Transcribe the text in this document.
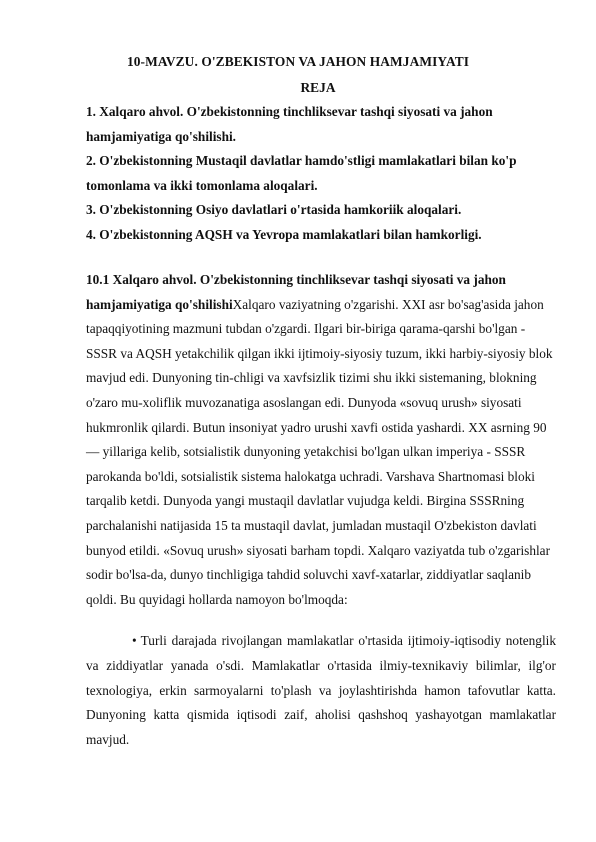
10-MAVZU. O'ZBEKISTON VA JAHON HAMJAMIYATI
REJA

1. Xalqaro ahvol. O'zbekistonning tinchliksevar tashqi siyosati va jahon hamjamiyatiga qo'shilishi.

2. O'zbekistonning Mustaqil davlatlar hamdo'stligi mamlakatlari bilan ko'p tomonlama va ikki tomonlama aloqalari.

3. O'zbekistonning Osiyo davlatlari o'rtasida hamkoriik aloqalari.

4. O'zbekistonning AQSH va Yevropa mamlakatlari bilan hamkorligi.

10.1 Xalqaro ahvol. O'zbekistonning tinchliksevar tashqi siyosati va jahon hamjamiyatiga qo'shilishiXalqaro vaziyatning o'zgarishi. XXI asr bo'sag'asida jahon tapaqqiyotining mazmuni tubdan o'zgardi. Ilgari bir-biriga qarama-qarshi bo'lgan - SSSR va AQSH yetakchilik qilgan ikki ijtimoiy-siyosiy tuzum, ikki harbiy-siyosiy blok mavjud edi. Dunyoning tin-chligi va xavfsizlik tizimi shu ikki sistemaning, blokning o'zaro mu-xoliflik muvozanatiga asoslangan edi. Dunyoda «sovuq urush» siyosati hukmronlik qilardi. Butun insoniyat yadro urushi xavfi ostida yashardi. XX asrning 90— yillariga kelib, sotsialistik dunyoning yetakchisi bo'lgan ulkan imperiya - SSSR parokanda bo'ldi, sotsialistik sistema halokatga uchradi. Varshava Shartnomasi bloki tarqalib ketdi. Dunyoda yangi mustaqil davlatlar vujudga keldi. Birgina SSSRning parchalanishi natijasida 15 ta mustaqil davlat, jumladan mustaqil O'zbekiston davlati bunyod etildi. «Sovuq urush» siyosati barham topdi. Xalqaro vaziyatda tub o'zgarishlar sodir bo'lsa-da, dunyo tinchligiga tahdid soluvchi xavf-xatarlar, ziddiyatlar saqlanib qoldi. Bu quyidagi hollarda namoyon bo'lmoqda:
• Turli darajada rivojlangan mamlakatlar o'rtasida ijtimoiy-iqtisodiy notenglik va ziddiyatlar yanada o'sdi. Mamlakatlar o'rtasida ilmiy-texnikaviy bilimlar, ilg'or texnologiya, erkin sarmoyalarni to'plash va joylashtirishda hamon tafovutlar katta. Dunyoning katta qismida iqtisodi zaif, aholisi qashshoq yashayotgan mamlakatlar mavjud.
